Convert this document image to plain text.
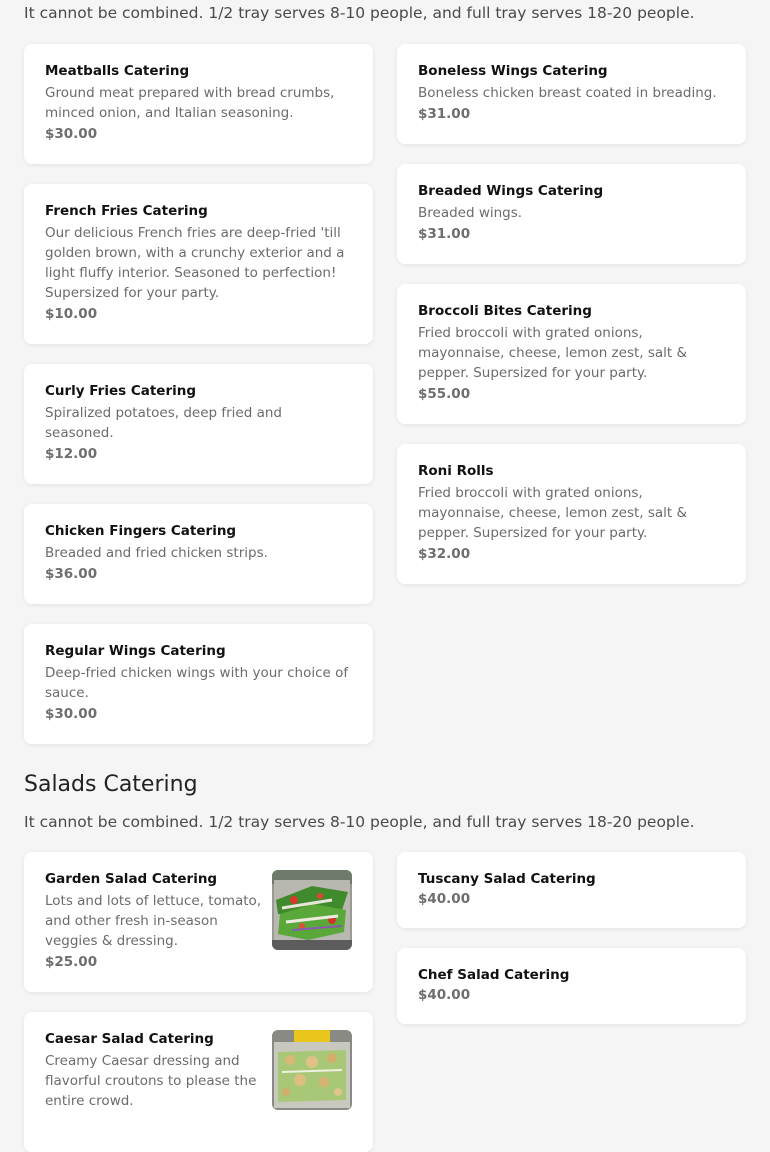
It cannot be combined. 1/2 tray serves 8-10 people, and full tray serves 18-20 people.
Meatballs Catering
Ground meat prepared with bread crumbs, minced onion, and Italian seasoning.
$30.00
French Fries Catering
Our delicious French fries are deep-fried 'till golden brown, with a crunchy exterior and a light fluffy interior. Seasoned to perfection! Supersized for your party.
$10.00
Curly Fries Catering
Spiralized potatoes, deep fried and seasoned.
$12.00
Chicken Fingers Catering
Breaded and fried chicken strips.
$36.00
Regular Wings Catering
Deep-fried chicken wings with your choice of sauce.
$30.00
Boneless Wings Catering
Boneless chicken breast coated in breading.
$31.00
Breaded Wings Catering
Breaded wings.
$31.00
Broccoli Bites Catering
Fried broccoli with grated onions, mayonnaise, cheese, lemon zest, salt & pepper. Supersized for your party.
$55.00
Roni Rolls
Fried broccoli with grated onions, mayonnaise, cheese, lemon zest, salt & pepper. Supersized for your party.
$32.00
Salads Catering
It cannot be combined. 1/2 tray serves 8-10 people, and full tray serves 18-20 people.
Garden Salad Catering
Lots and lots of lettuce, tomato, and other fresh in-season veggies & dressing.
$25.00
Caesar Salad Catering
Creamy Caesar dressing and flavorful croutons to please the entire crowd.
Tuscany Salad Catering
$40.00
Chef Salad Catering
$40.00
